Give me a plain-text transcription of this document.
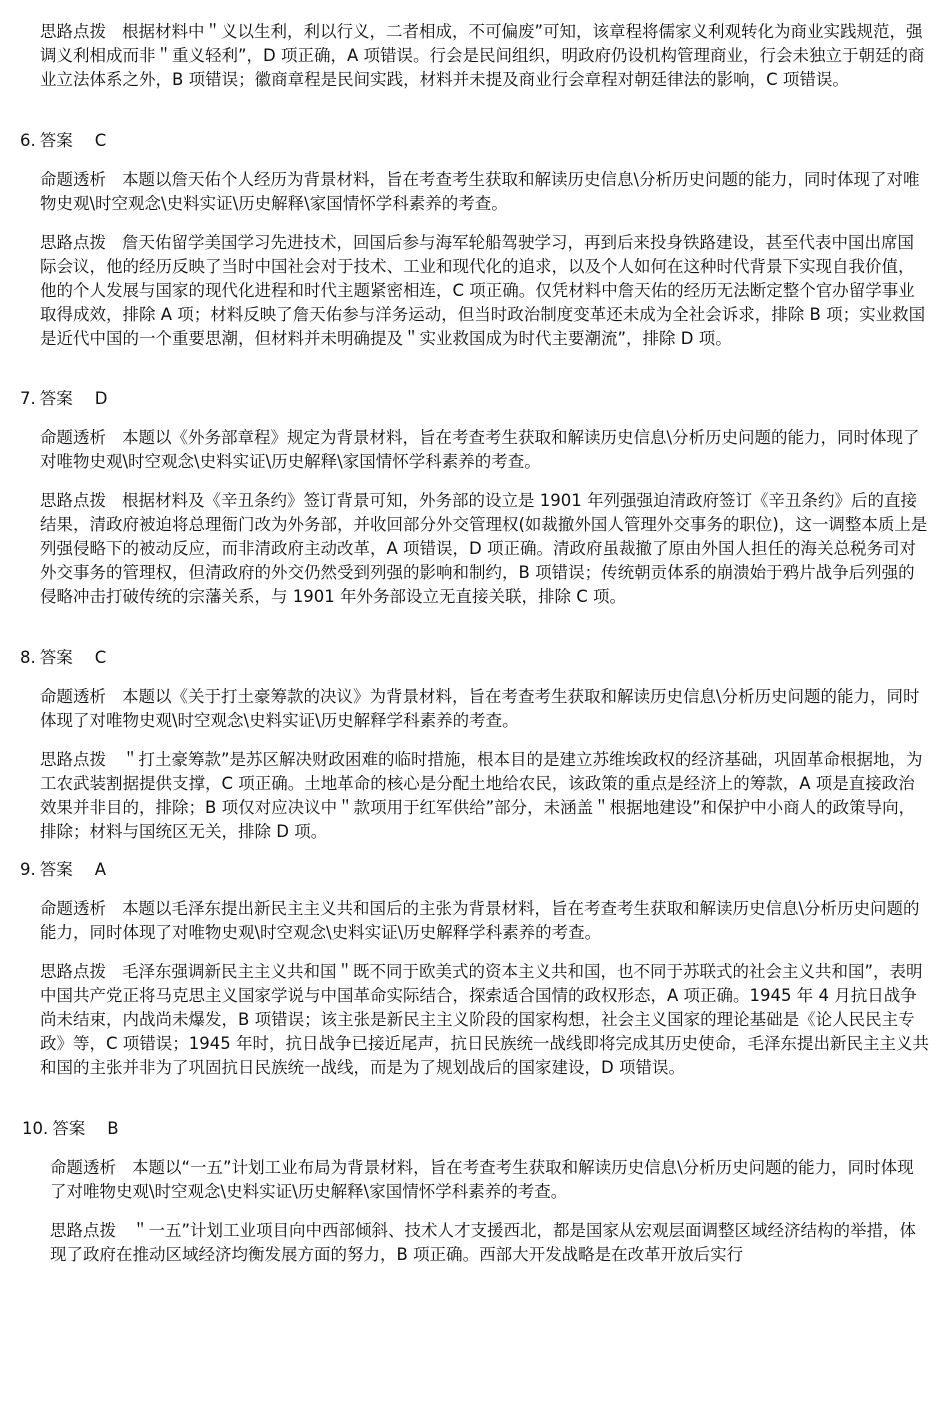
思路点拨 根据材料中＂义以生利，利以行义，二者相成，不可偏废”可知，该章程将儒家义利观转化为商业实践规范，强调义利相成而非＂重义轻利”，D 项正确，A 项错误。行会是民间组织，明政府仍设机构管理商业，行会未独立于朝廷的商业立法体系之外，B 项错误；徽商章程是民间实践，材料并未提及商业行会章程对朝廷律法的影响，C 项错误。

6. 答案 C

命题透析 本题以詹天佑个人经历为背景材料，旨在考查考生获取和解读历史信息\分析历史问题的能力，同时体现了对唯物史观\时空观念\史料实证\历史解释\家国情怀学科素养的考查。

思路点拨 詹天佑留学美国学习先进技术，回国后参与海军轮船驾驶学习，再到后来投身铁路建设，甚至代表中国出席国际会议，他的经历反映了当时中国社会对于技术、工业和现代化的追求，以及个人如何在这种时代背景下实现自我价值，他的个人发展与国家的现代化进程和时代主题紧密相连，C 项正确。仅凭材料中詹天佑的经历无法断定整个官办留学事业取得成效，排除 A 项；材料反映了詹天佑参与洋务运动，但当时政治制度变革还未成为全社会诉求，排除 B 项；实业救国是近代中国的一个重要思潮，但材料并未明确提及＂实业救国成为时代主要潮流”，排除 D 项。

7. 答案 D

命题透析 本题以《外务部章程》规定为背景材料，旨在考查考生获取和解读历史信息\分析历史问题的能力，同时体现了对唯物史观\时空观念\史料实证\历史解释\家国情怀学科素养的考查。

思路点拨 根据材料及《辛丑条约》签订背景可知，外务部的设立是 1901 年列强强迫清政府签订《辛丑条约》后的直接结果，清政府被迫将总理衙门改为外务部，并收回部分外交管理权(如裁撤外国人管理外交事务的职位)，这一调整本质上是列强侵略下的被动反应，而非清政府主动改革，A 项错误，D 项正确。清政府虽裁撤了原由外国人担任的海关总税务司对外交事务的管理权，但清政府的外交仍然受到列强的影响和制约，B 项错误；传统朝贡体系的崩溃始于鸦片战争后列强的侵略冲击打破传统的宗藩关系，与 1901 年外务部设立无直接关联，排除 C 项。

8. 答案 C

命题透析 本题以《关于打土豪筹款的决议》为背景材料，旨在考查考生获取和解读历史信息\分析历史问题的能力，同时体现了对唯物史观\时空观念\史料实证\历史解释学科素养的考查。

思路点拨 ＂打土豪筹款”是苏区解决财政困难的临时措施，根本目的是建立苏维埃政权的经济基础，巩固革命根据地，为工农武装割据提供支撑，C 项正确。土地革命的核心是分配土地给农民，该政策的重点是经济上的筹款，A 项是直接政治效果并非目的，排除；B 项仅对应决议中＂款项用于红军供给”部分，未涵盖＂根据地建设”和保护中小商人的政策导向，排除；材料与国统区无关，排除 D 项。

9. 答案 A

命题透析 本题以毛泽东提出新民主主义共和国后的主张为背景材料，旨在考查考生获取和解读历史信息\分析历史问题的能力，同时体现了对唯物史观\时空观念\史料实证\历史解释学科素养的考查。

思路点拨 毛泽东强调新民主主义共和国＂既不同于欧美式的资本主义共和国，也不同于苏联式的社会主义共和国”，表明中国共产党正将马克思主义国家学说与中国革命实际结合，探索适合国情的政权形态，A 项正确。1945 年 4 月抗日战争尚未结束，内战尚未爆发，B 项错误；该主张是新民主主义阶段的国家构想，社会主义国家的理论基础是《论人民民主专政》等，C 项错误；1945 年时，抗日战争已接近尾声，抗日民族统一战线即将完成其历史使命，毛泽东提出新民主主义共和国的主张并非为了巩固抗日民族统一战线，而是为了规划战后的国家建设，D 项错误。

10. 答案 B

命题透析 本题以“一五”计划工业布局为背景材料，旨在考查考生获取和解读历史信息\分析历史问题的能力，同时体现了对唯物史观\时空观念\史料实证\历史解释\家国情怀学科素养的考查。

思路点拨 ＂一五”计划工业项目向中西部倾斜、技术人才支援西北，都是国家从宏观层面调整区域经济结构的举措，体现了政府在推动区域经济均衡发展方面的努力，B 项正确。西部大开发战略是在改革开放后实行
